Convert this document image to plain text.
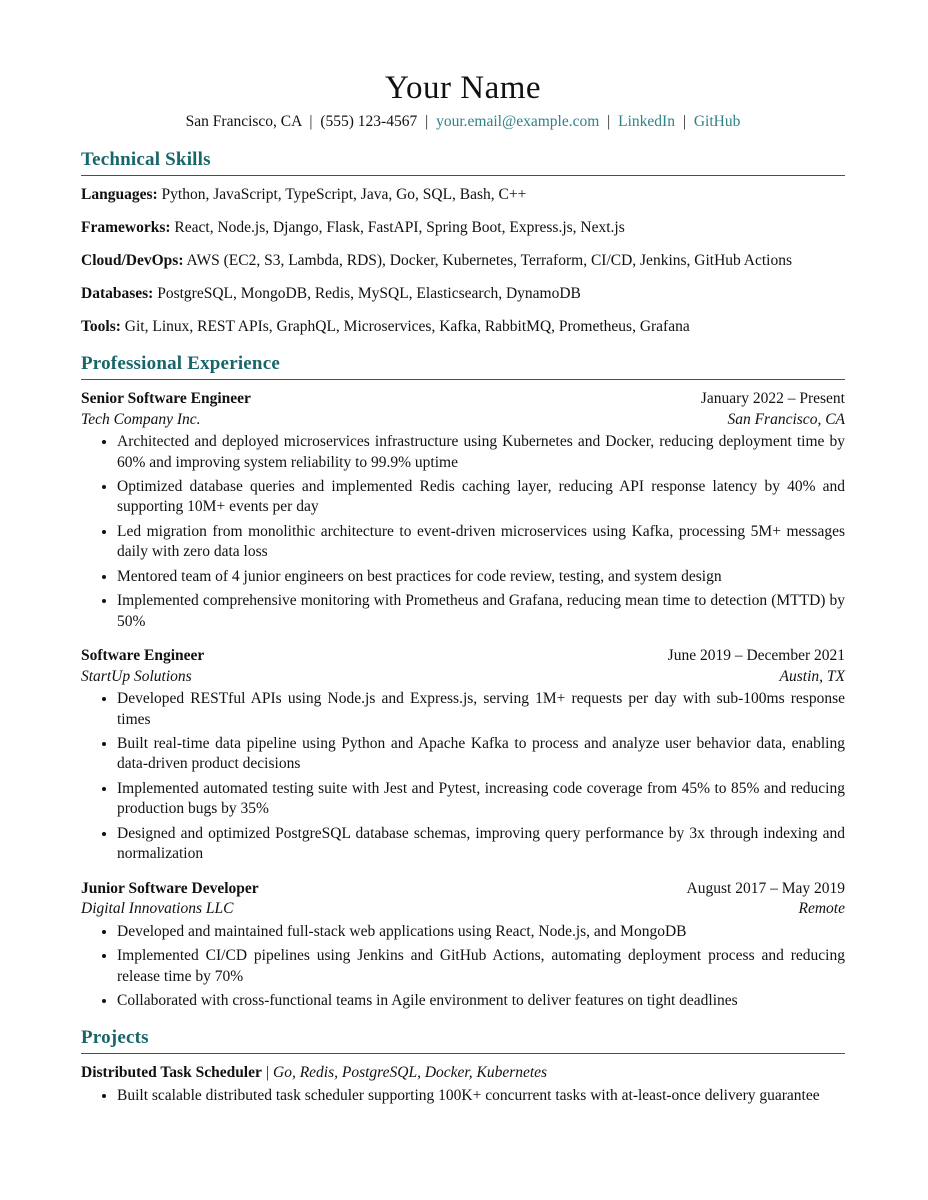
Your Name
San Francisco, CA | (555) 123-4567 | your.email@example.com | LinkedIn | GitHub
Technical Skills

Languages: Python, JavaScript, TypeScript, Java, Go, SQL, Bash, C++

Frameworks: React, Node.js, Django, Flask, FastAPI, Spring Boot, Express.js, Next.js

Cloud/DevOps: AWS (EC2, S3, Lambda, RDS), Docker, Kubernetes, Terraform, CI/CD, Jenkins, GitHub Actions

Databases: PostgreSQL, MongoDB, Redis, MySQL, Elasticsearch, DynamoDB

Tools: Git, Linux, REST APIs, GraphQL, Microservices, Kafka, RabbitMQ, Prometheus, Grafana

Professional Experience
Senior Software Engineer	January 2022 – Present
Tech Company Inc.	San Francisco, CA
• Architected and deployed microservices infrastructure using Kubernetes and Docker, reducing deployment time by 60% and improving system reliability to 99.9% uptime
• Optimized database queries and implemented Redis caching layer, reducing API response latency by 40% and supporting 10M+ events per day
• Led migration from monolithic architecture to event-driven microservices using Kafka, processing 5M+ messages daily with zero data loss
• Mentored team of 4 junior engineers on best practices for code review, testing, and system design
• Implemented comprehensive monitoring with Prometheus and Grafana, reducing mean time to detection (MTTD) by 50%
Software Engineer	June 2019 – December 2021
StartUp Solutions	Austin, TX
• Developed RESTful APIs using Node.js and Express.js, serving 1M+ requests per day with sub-100ms response times
• Built real-time data pipeline using Python and Apache Kafka to process and analyze user behavior data, enabling data-driven product decisions
• Implemented automated testing suite with Jest and Pytest, increasing code coverage from 45% to 85% and reducing production bugs by 35%
• Designed and optimized PostgreSQL database schemas, improving query performance by 3x through indexing and normalization
Junior Software Developer	August 2017 – May 2019
Digital Innovations LLC	Remote
• Developed and maintained full-stack web applications using React, Node.js, and MongoDB
• Implemented CI/CD pipelines using Jenkins and GitHub Actions, automating deployment process and reducing release time by 70%
• Collaborated with cross-functional teams in Agile environment to deliver features on tight deadlines
Projects
Distributed Task Scheduler | Go, Redis, PostgreSQL, Docker, Kubernetes
• Built scalable distributed task scheduler supporting 100K+ concurrent tasks with at-least-once delivery guarantee
